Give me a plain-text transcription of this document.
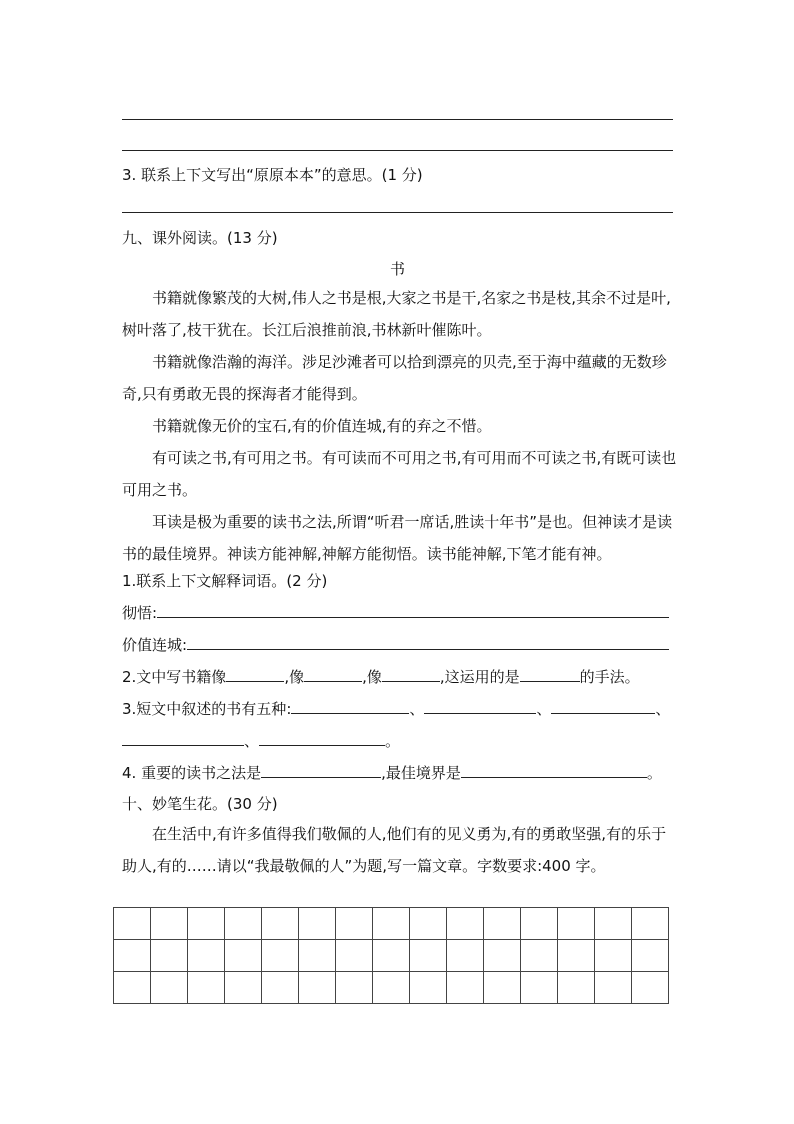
3. 联系上下文写出“原原本本”的意思。(1 分)
九、课外阅读。(13 分)
书

书籍就像繁茂的大树,伟人之书是根,大家之书是干,名家之书是枝,其余不过是叶,树叶落了,枝干犹在。长江后浪推前浪,书林新叶催陈叶。

书籍就像浩瀚的海洋。涉足沙滩者可以拾到漂亮的贝壳,至于海中蕴藏的无数珍奇,只有勇敢无畏的探海者才能得到。

书籍就像无价的宝石,有的价值连城,有的弃之不惜。

有可读之书,有可用之书。有可读而不可用之书,有可用而不可读之书,有既可读也可用之书。

耳读是极为重要的读书之法,所谓“听君一席话,胜读十年书”是也。但神读才是读书的最佳境界。神读方能神解,神解方能彻悟。读书能神解,下笔才能有神。

1.联系上下文解释词语。(2 分)
彻悟:
价值连城:
2.文中写书籍像	,像	,像	,这运用的是	的手法。
3.短文中叙述的书有五种:	、	、	、
、	。
4. 重要的读书之法是	,最佳境界是	。
十、妙笔生花。(30 分)

在生活中,有许多值得我们敬佩的人,他们有的见义勇为,有的勇敢坚强,有的乐于助人,有的……请以“我最敬佩的人”为题,写一篇文章。字数要求:400 字。
